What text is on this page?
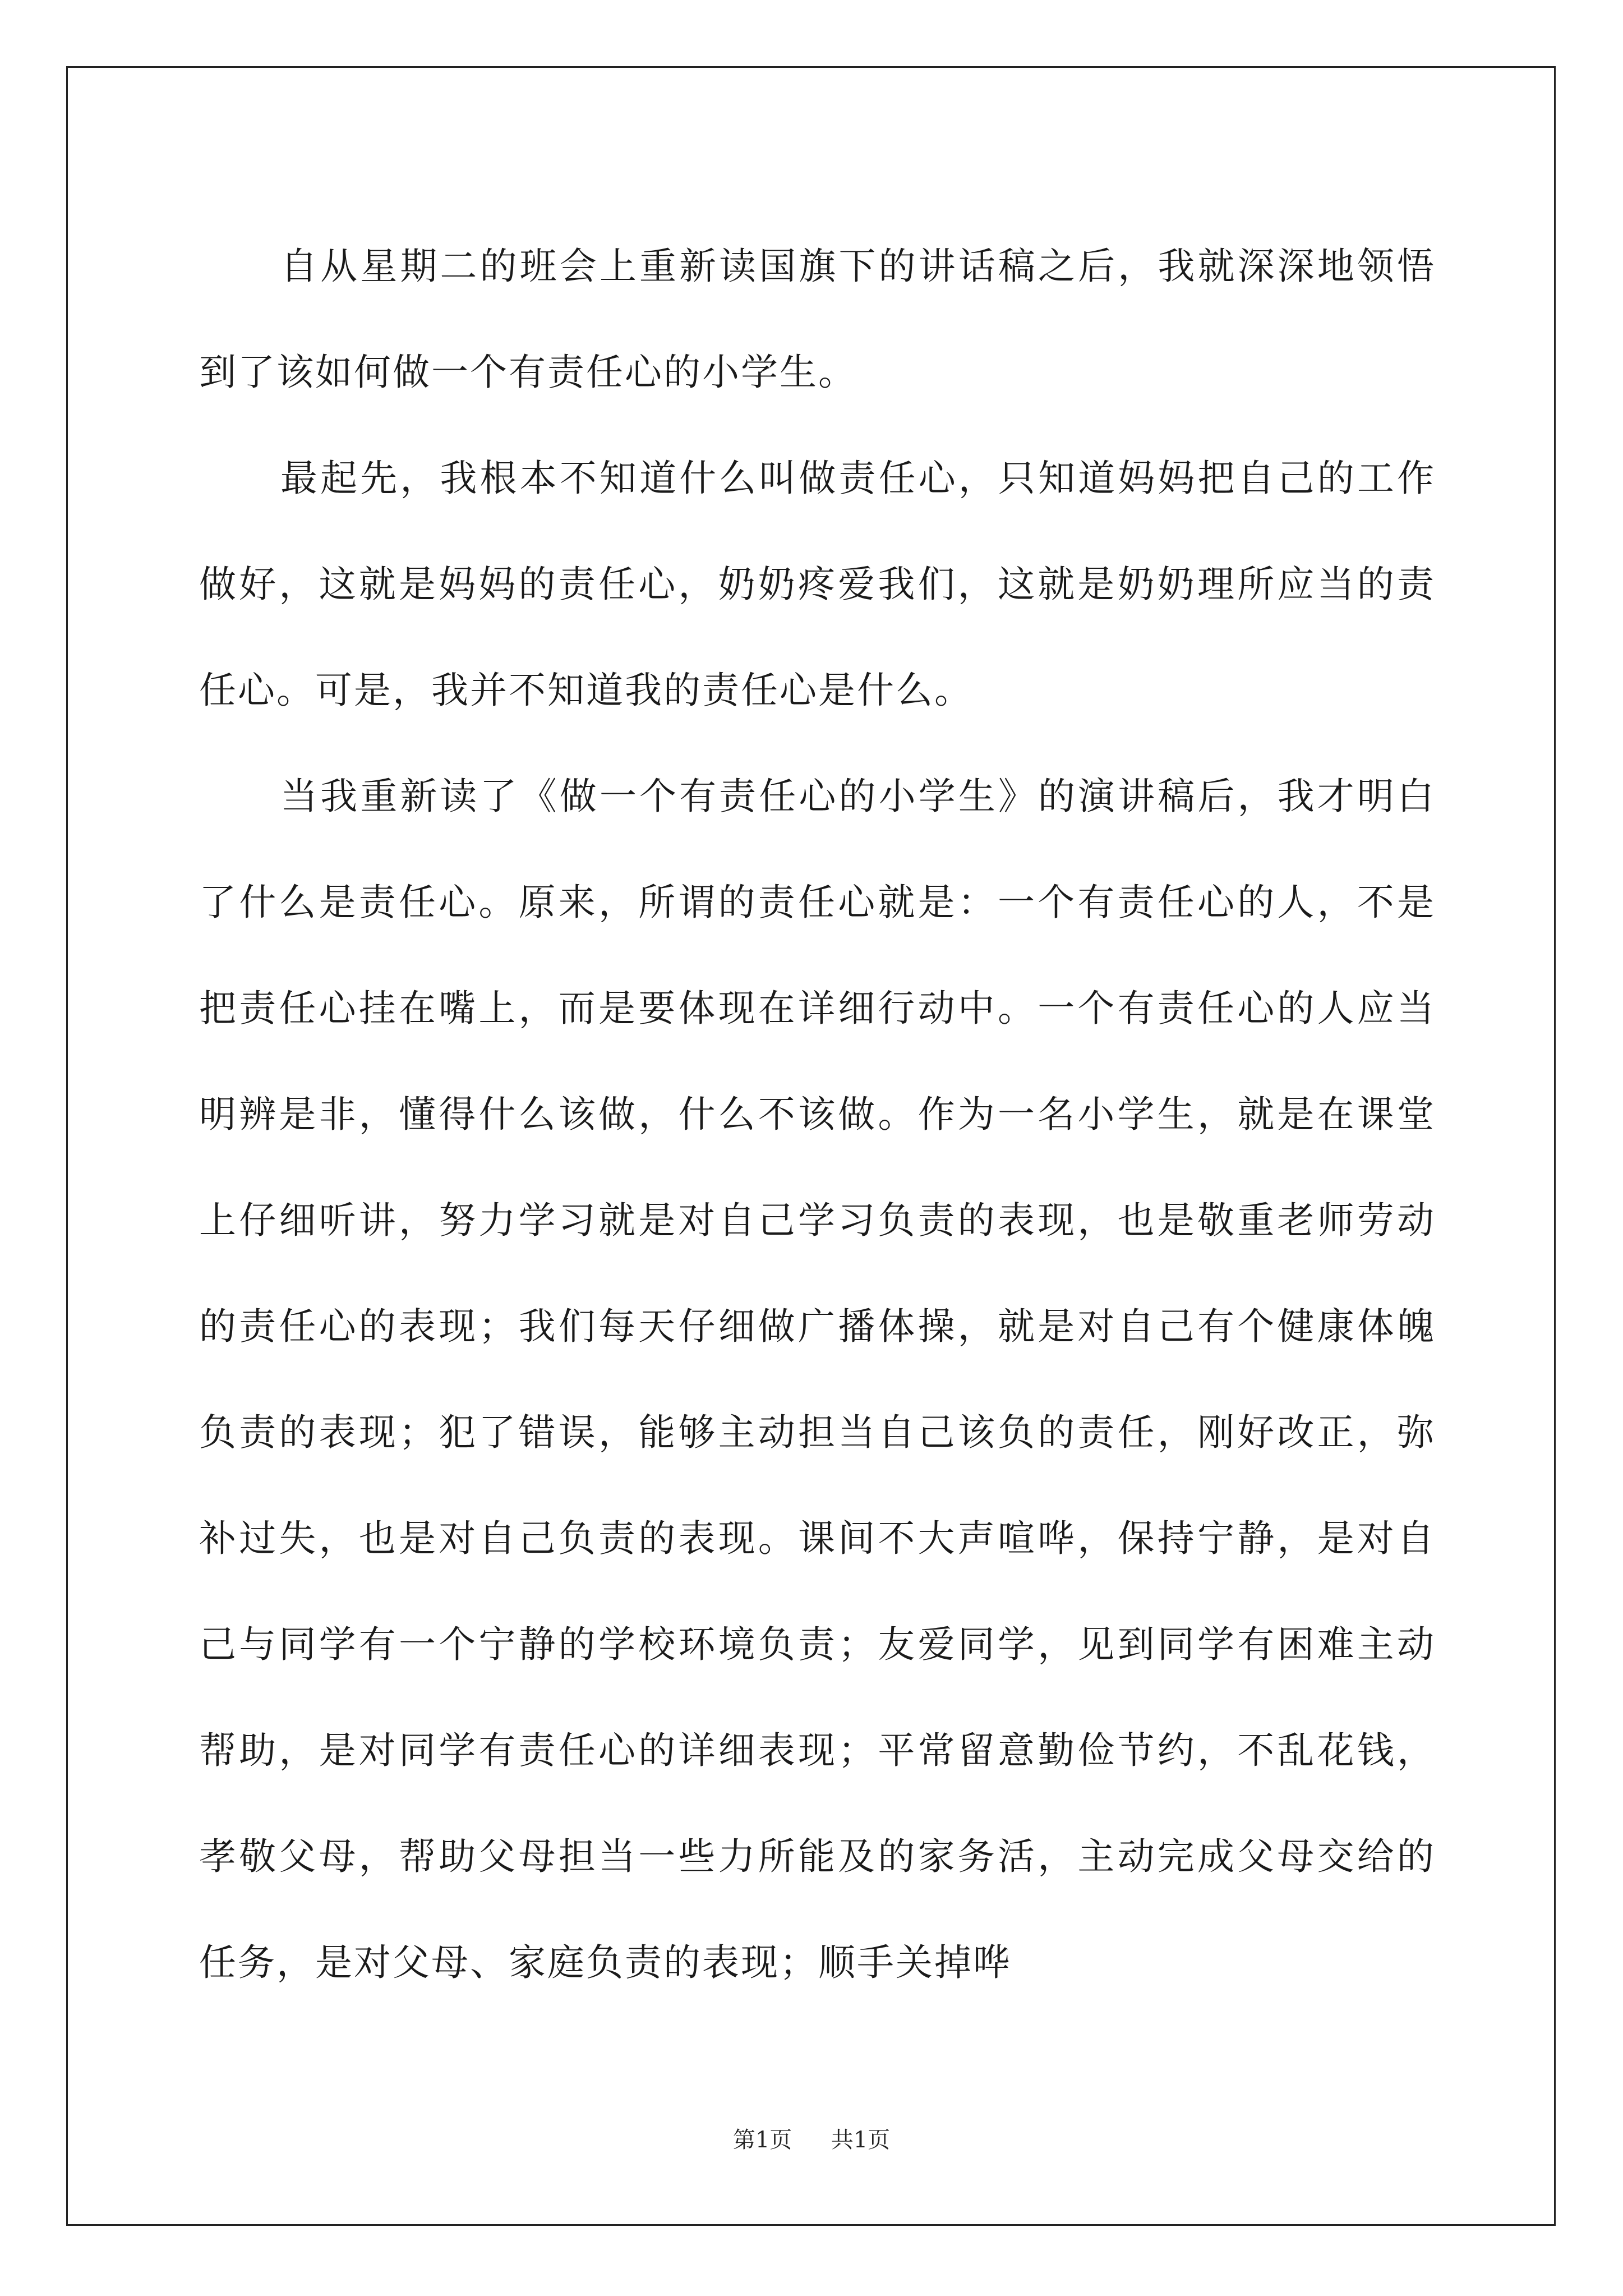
自从星期二的班会上重新读国旗下的讲话稿之后，我就深深地领悟到了该如何做一个有责任心的小学生。

最起先，我根本不知道什么叫做责任心，只知道妈妈把自己的工作做好，这就是妈妈的责任心，奶奶疼爱我们，这就是奶奶理所应当的责任心。可是，我并不知道我的责任心是什么。

当我重新读了《做一个有责任心的小学生》的演讲稿后，我才明白了什么是责任心。原来，所谓的责任心就是：一个有责任心的人，不是把责任心挂在嘴上，而是要体现在详细行动中。一个有责任心的人应当明辨是非，懂得什么该做，什么不该做。作为一名小学生，就是在课堂上仔细听讲，努力学习就是对自己学习负责的表现，也是敬重老师劳动的责任心的表现；我们每天仔细做广播体操，就是对自己有个健康体魄负责的表现；犯了错误，能够主动担当自己该负的责任，刚好改正，弥补过失，也是对自己负责的表现。课间不大声喧哗，保持宁静，是对自己与同学有一个宁静的学校环境负责；友爱同学，见到同学有困难主动帮助，是对同学有责任心的详细表现；平常留意勤俭节约，不乱花钱，孝敬父母，帮助父母担当一些力所能及的家务活，主动完成父母交给的任务，是对父母、家庭负责的表现；顺手关掉哗

第1页 共1页
